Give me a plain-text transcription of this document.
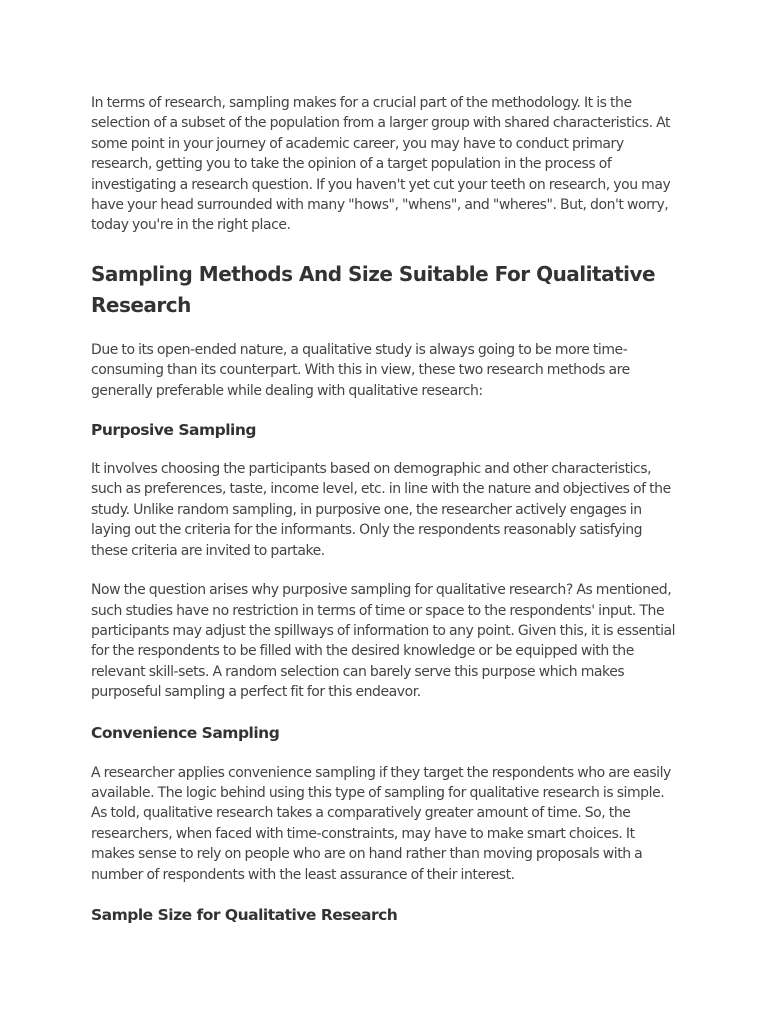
In terms of research, sampling makes for a crucial part of the methodology. It is the selection of a subset of the population from a larger group with shared characteristics. At some point in your journey of academic career, you may have to conduct primary research, getting you to take the opinion of a target population in the process of investigating a research question. If you haven't yet cut your teeth on research, you may have your head surrounded with many "hows", "whens", and "wheres". But, don't worry, today you're in the right place.

Sampling Methods And Size Suitable For Qualitative Research

Due to its open-ended nature, a qualitative study is always going to be more time-consuming than its counterpart. With this in view, these two research methods are generally preferable while dealing with qualitative research:

Purposive Sampling

It involves choosing the participants based on demographic and other characteristics, such as preferences, taste, income level, etc. in line with the nature and objectives of the study. Unlike random sampling, in purposive one, the researcher actively engages in laying out the criteria for the informants. Only the respondents reasonably satisfying these criteria are invited to partake.

Now the question arises why purposive sampling for qualitative research? As mentioned, such studies have no restriction in terms of time or space to the respondents' input. The participants may adjust the spillways of information to any point. Given this, it is essential for the respondents to be filled with the desired knowledge or be equipped with the relevant skill-sets. A random selection can barely serve this purpose which makes purposeful sampling a perfect fit for this endeavor.

Convenience Sampling

A researcher applies convenience sampling if they target the respondents who are easily available. The logic behind using this type of sampling for qualitative research is simple. As told, qualitative research takes a comparatively greater amount of time. So, the researchers, when faced with time-constraints, may have to make smart choices. It makes sense to rely on people who are on hand rather than moving proposals with a number of respondents with the least assurance of their interest.

Sample Size for Qualitative Research
